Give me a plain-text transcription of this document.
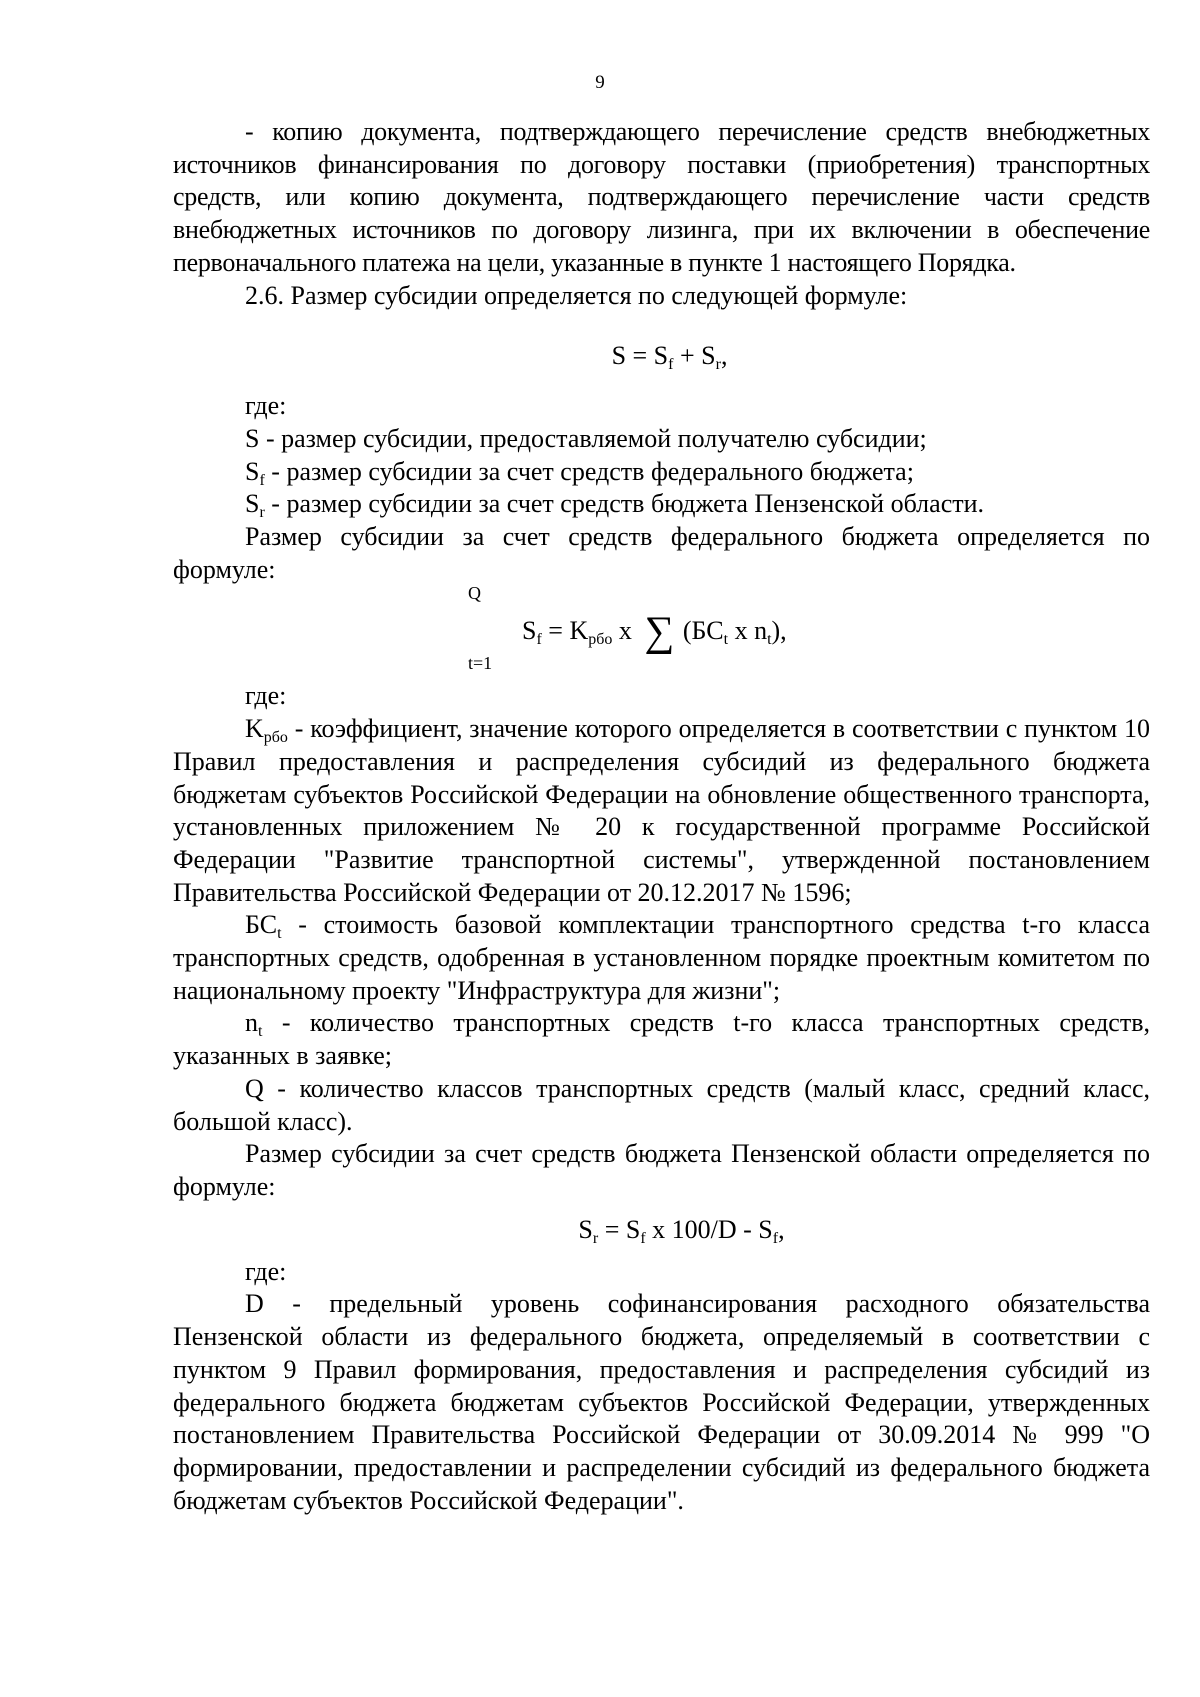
9

- копию документа, подтверждающего перечисление средств внебюджетных источников финансирования по договору поставки (приобретения) транспортных средств, или копию документа, подтверждающего перечисление части средств внебюджетных источников по договору лизинга, при их включении в обеспечение первоначального платежа на цели, указанные в пункте 1 настоящего Порядка.

2.6. Размер субсидии определяется по следующей формуле:

$S = S_f + S_r$,

где:

S - размер субсидии, предоставляемой получателю субсидии;

$S_f$ - размер субсидии за счет средств федерального бюджета;

$S_r$ - размер субсидии за счет средств бюджета Пензенской области.

Размер субсидии за счет средств федерального бюджета определяется по формуле:

Q
t=1
$S_f = K_{рбо}$ x ∑ ($БС_t$ x $n_t$),

где:

$K_{рбо}$ - коэффициент, значение которого определяется в соответствии с пунктом 10 Правил предоставления и распределения субсидий из федерального бюджета бюджетам субъектов Российской Федерации на обновление общественного транспорта, установленных приложением № 20 к государственной программе Российской Федерации "Развитие транспортной системы", утвержденной постановлением Правительства Российской Федерации от 20.12.2017 № 1596;

$БС_t$ - стоимость базовой комплектации транспортного средства t-го класса транспортных средств, одобренная в установленном порядке проектным комитетом по национальному проекту "Инфраструктура для жизни";

$n_t$ - количество транспортных средств t-го класса транспортных средств, указанных в заявке;

Q - количество классов транспортных средств (малый класс, средний класс, большой класс).

Размер субсидии за счет средств бюджета Пензенской области определяется по формуле:

$S_r = S_f$ x $100/D - S_f$,

где:

D - предельный уровень софинансирования расходного обязательства Пензенской области из федерального бюджета, определяемый в соответствии с пунктом 9 Правил формирования, предоставления и распределения субсидий из федерального бюджета бюджетам субъектов Российской Федерации, утвержденных постановлением Правительства Российской Федерации от 30.09.2014 № 999 "О формировании, предоставлении и распределении субсидий из федерального бюджета бюджетам субъектов Российской Федерации".
